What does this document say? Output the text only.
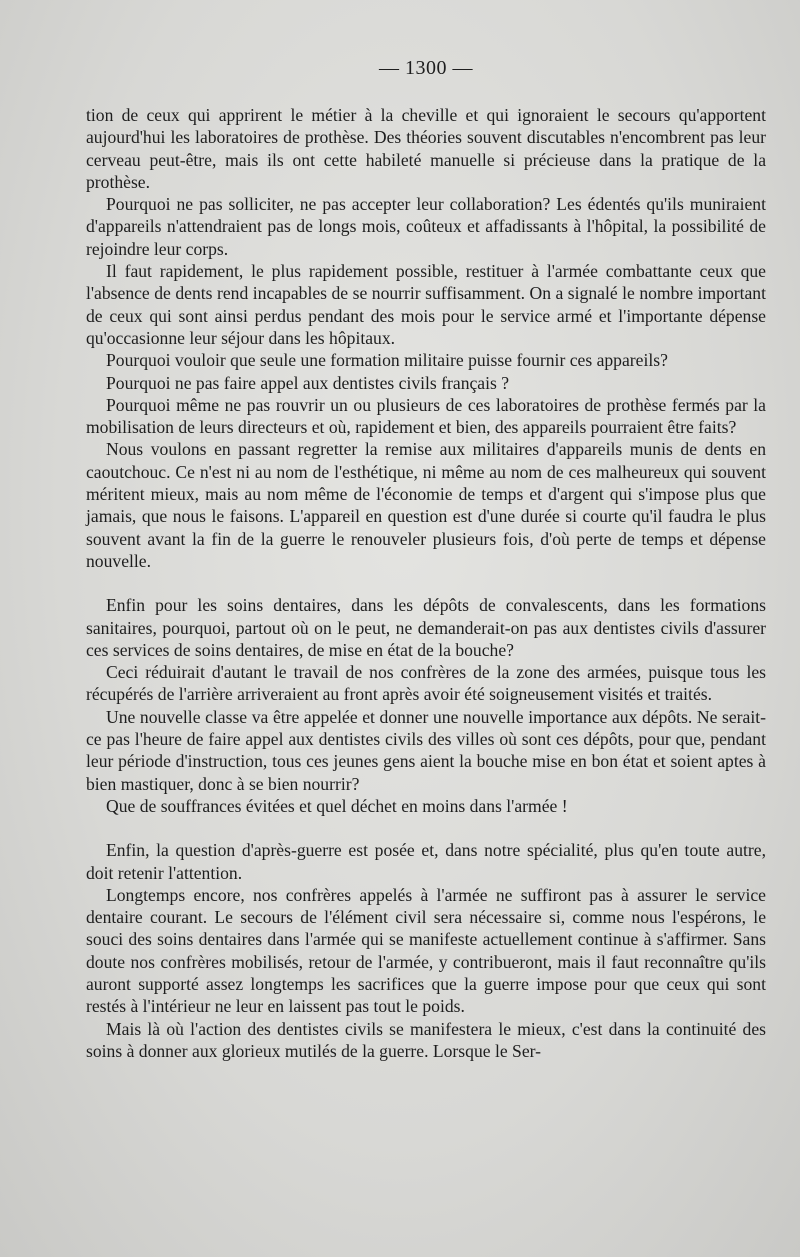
— 1300 —

tion de ceux qui apprirent le métier à la cheville et qui ignoraient le secours qu'apportent aujourd'hui les laboratoires de prothèse. Des théories souvent discutables n'encombrent pas leur cerveau peut-être, mais ils ont cette habileté manuelle si précieuse dans la pratique de la prothèse.

Pourquoi ne pas solliciter, ne pas accepter leur collaboration? Les édentés qu'ils muniraient d'appareils n'attendraient pas de longs mois, coûteux et affadissants à l'hôpital, la possibilité de rejoindre leur corps.

Il faut rapidement, le plus rapidement possible, restituer à l'armée combattante ceux que l'absence de dents rend incapables de se nourrir suffisamment. On a signalé le nombre important de ceux qui sont ainsi perdus pendant des mois pour le service armé et l'importante dépense qu'occasionne leur séjour dans les hôpitaux.

Pourquoi vouloir que seule une formation militaire puisse fournir ces appareils?

Pourquoi ne pas faire appel aux dentistes civils français ?

Pourquoi même ne pas rouvrir un ou plusieurs de ces laboratoires de prothèse fermés par la mobilisation de leurs directeurs et où, rapidement et bien, des appareils pourraient être faits?

Nous voulons en passant regretter la remise aux militaires d'appareils munis de dents en caoutchouc. Ce n'est ni au nom de l'esthétique, ni même au nom de ces malheureux qui souvent méritent mieux, mais au nom même de l'économie de temps et d'argent qui s'impose plus que jamais, que nous le faisons. L'appareil en question est d'une durée si courte qu'il faudra le plus souvent avant la fin de la guerre le renouveler plusieurs fois, d'où perte de temps et dépense nouvelle.

Enfin pour les soins dentaires, dans les dépôts de convalescents, dans les formations sanitaires, pourquoi, partout où on le peut, ne demanderait-on pas aux dentistes civils d'assurer ces services de soins dentaires, de mise en état de la bouche?

Ceci réduirait d'autant le travail de nos confrères de la zone des armées, puisque tous les récupérés de l'arrière arriveraient au front après avoir été soigneusement visités et traités.

Une nouvelle classe va être appelée et donner une nouvelle importance aux dépôts. Ne serait-ce pas l'heure de faire appel aux dentistes civils des villes où sont ces dépôts, pour que, pendant leur période d'instruction, tous ces jeunes gens aient la bouche mise en bon état et soient aptes à bien mastiquer, donc à se bien nourrir?

Que de souffrances évitées et quel déchet en moins dans l'armée !

Enfin, la question d'après-guerre est posée et, dans notre spécialité, plus qu'en toute autre, doit retenir l'attention.

Longtemps encore, nos confrères appelés à l'armée ne suffiront pas à assurer le service dentaire courant. Le secours de l'élément civil sera nécessaire si, comme nous l'espérons, le souci des soins dentaires dans l'armée qui se manifeste actuellement continue à s'affirmer. Sans doute nos confrères mobilisés, retour de l'armée, y contribueront, mais il faut reconnaître qu'ils auront supporté assez longtemps les sacrifices que la guerre impose pour que ceux qui sont restés à l'intérieur ne leur en laissent pas tout le poids.

Mais là où l'action des dentistes civils se manifestera le mieux, c'est dans la continuité des soins à donner aux glorieux mutilés de la guerre. Lorsque le Ser-
